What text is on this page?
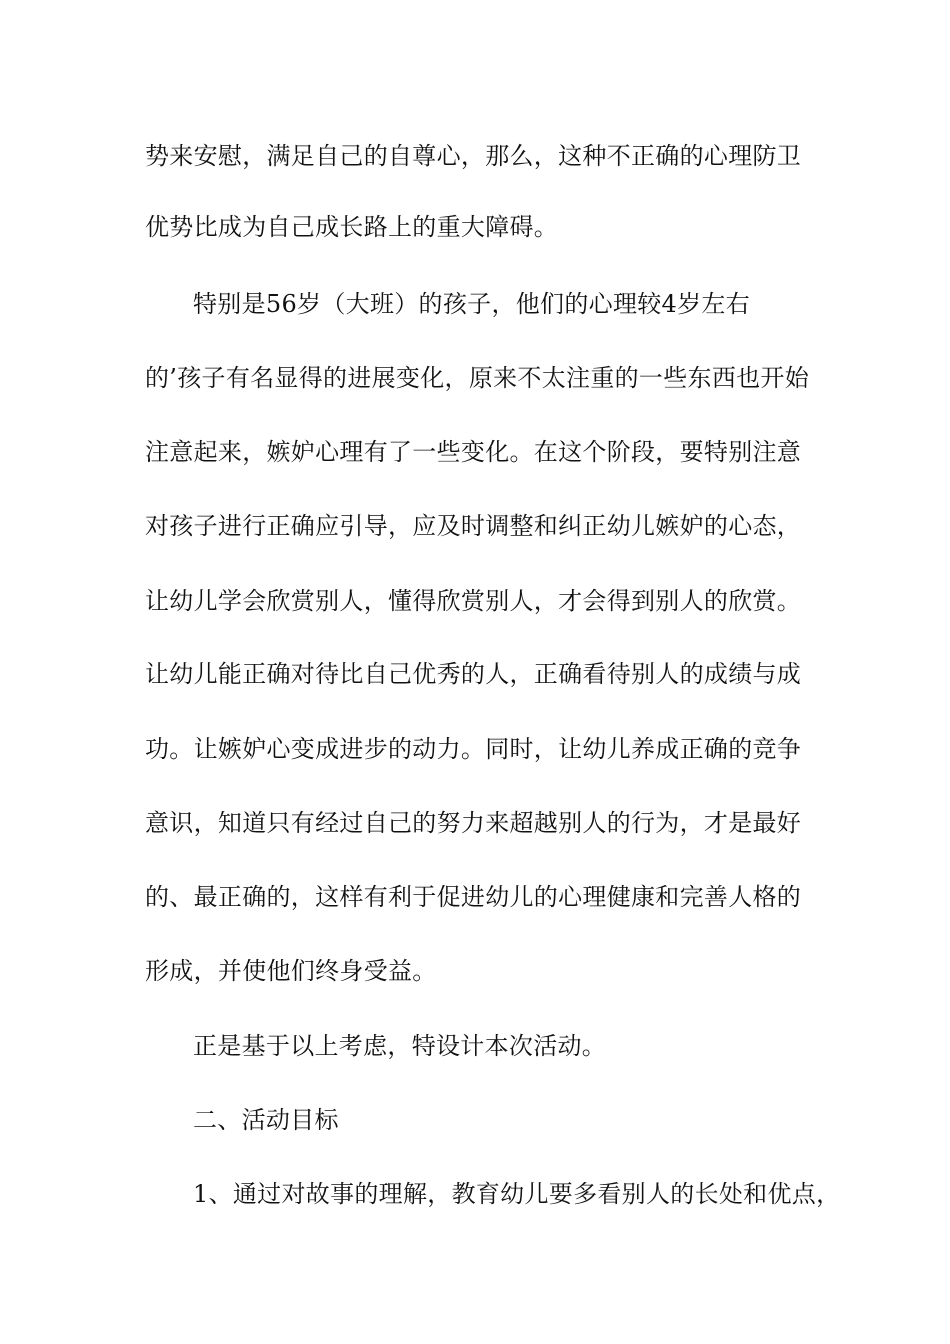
势来安慰，满足自己的自尊心，那么，这种不正确的心理防卫
优势比成为自己成长路上的重大障碍。
特别是56岁（大班）的孩子，他们的心理较4岁左右
的’孩子有名显得的进展变化，原来不太注重的一些东西也开始
注意起来，嫉妒心理有了一些变化。在这个阶段，要特别注意
对孩子进行正确应引导，应及时调整和纠正幼儿嫉妒的心态，
让幼儿学会欣赏别人，懂得欣赏别人，才会得到别人的欣赏。
让幼儿能正确对待比自己优秀的人，正确看待别人的成绩与成
功。让嫉妒心变成进步的动力。同时，让幼儿养成正确的竞争
意识，知道只有经过自己的努力来超越别人的行为，才是最好
的、最正确的，这样有利于促进幼儿的心理健康和完善人格的
形成，并使他们终身受益。
正是基于以上考虑，特设计本次活动。
二、活动目标
1、通过对故事的理解，教育幼儿要多看别人的长处和优点，
